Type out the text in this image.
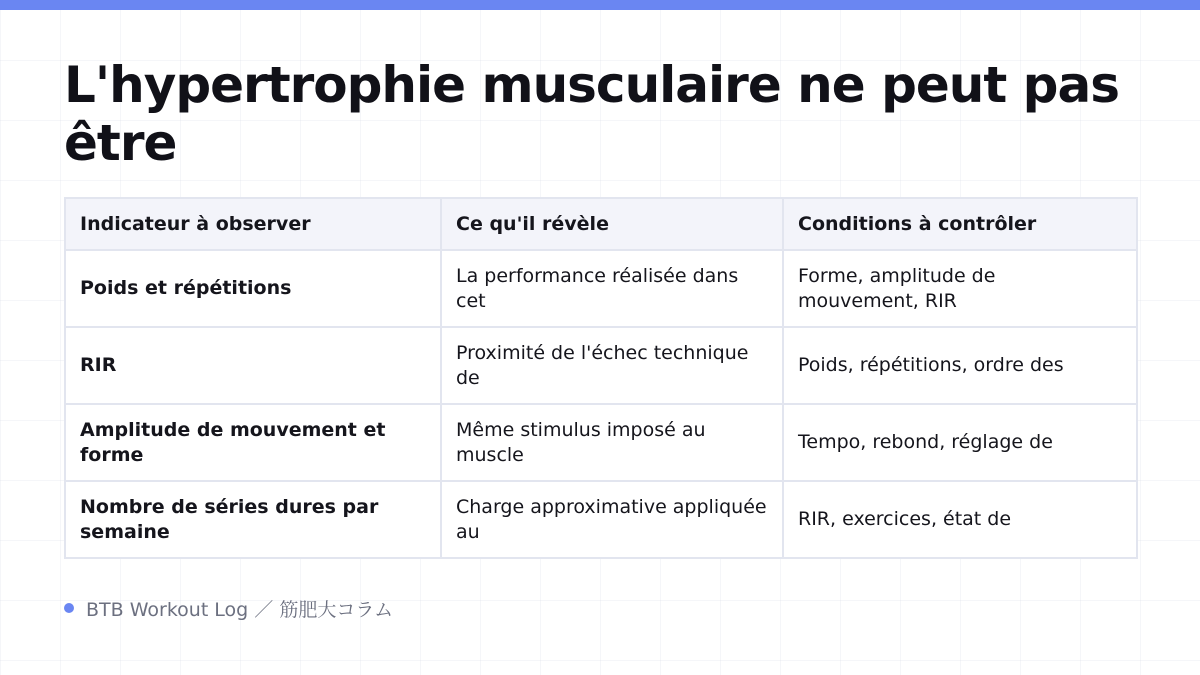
L'hypertrophie musculaire ne peut pas être
Indicateur à observer	Ce qu'il révèle	Conditions à contrôler
Poids et répétitions	La performance réalisée dans cet	Forme, amplitude de mouvement, RIR
RIR	Proximité de l'échec technique de	Poids, répétitions, ordre des
Amplitude de mouvement et forme	Même stimulus imposé au muscle	Tempo, rebond, réglage de
Nombre de séries dures par semaine	Charge approximative appliquée au	RIR, exercices, état de
BTB Workout Log ／ 筋肥大コラム
